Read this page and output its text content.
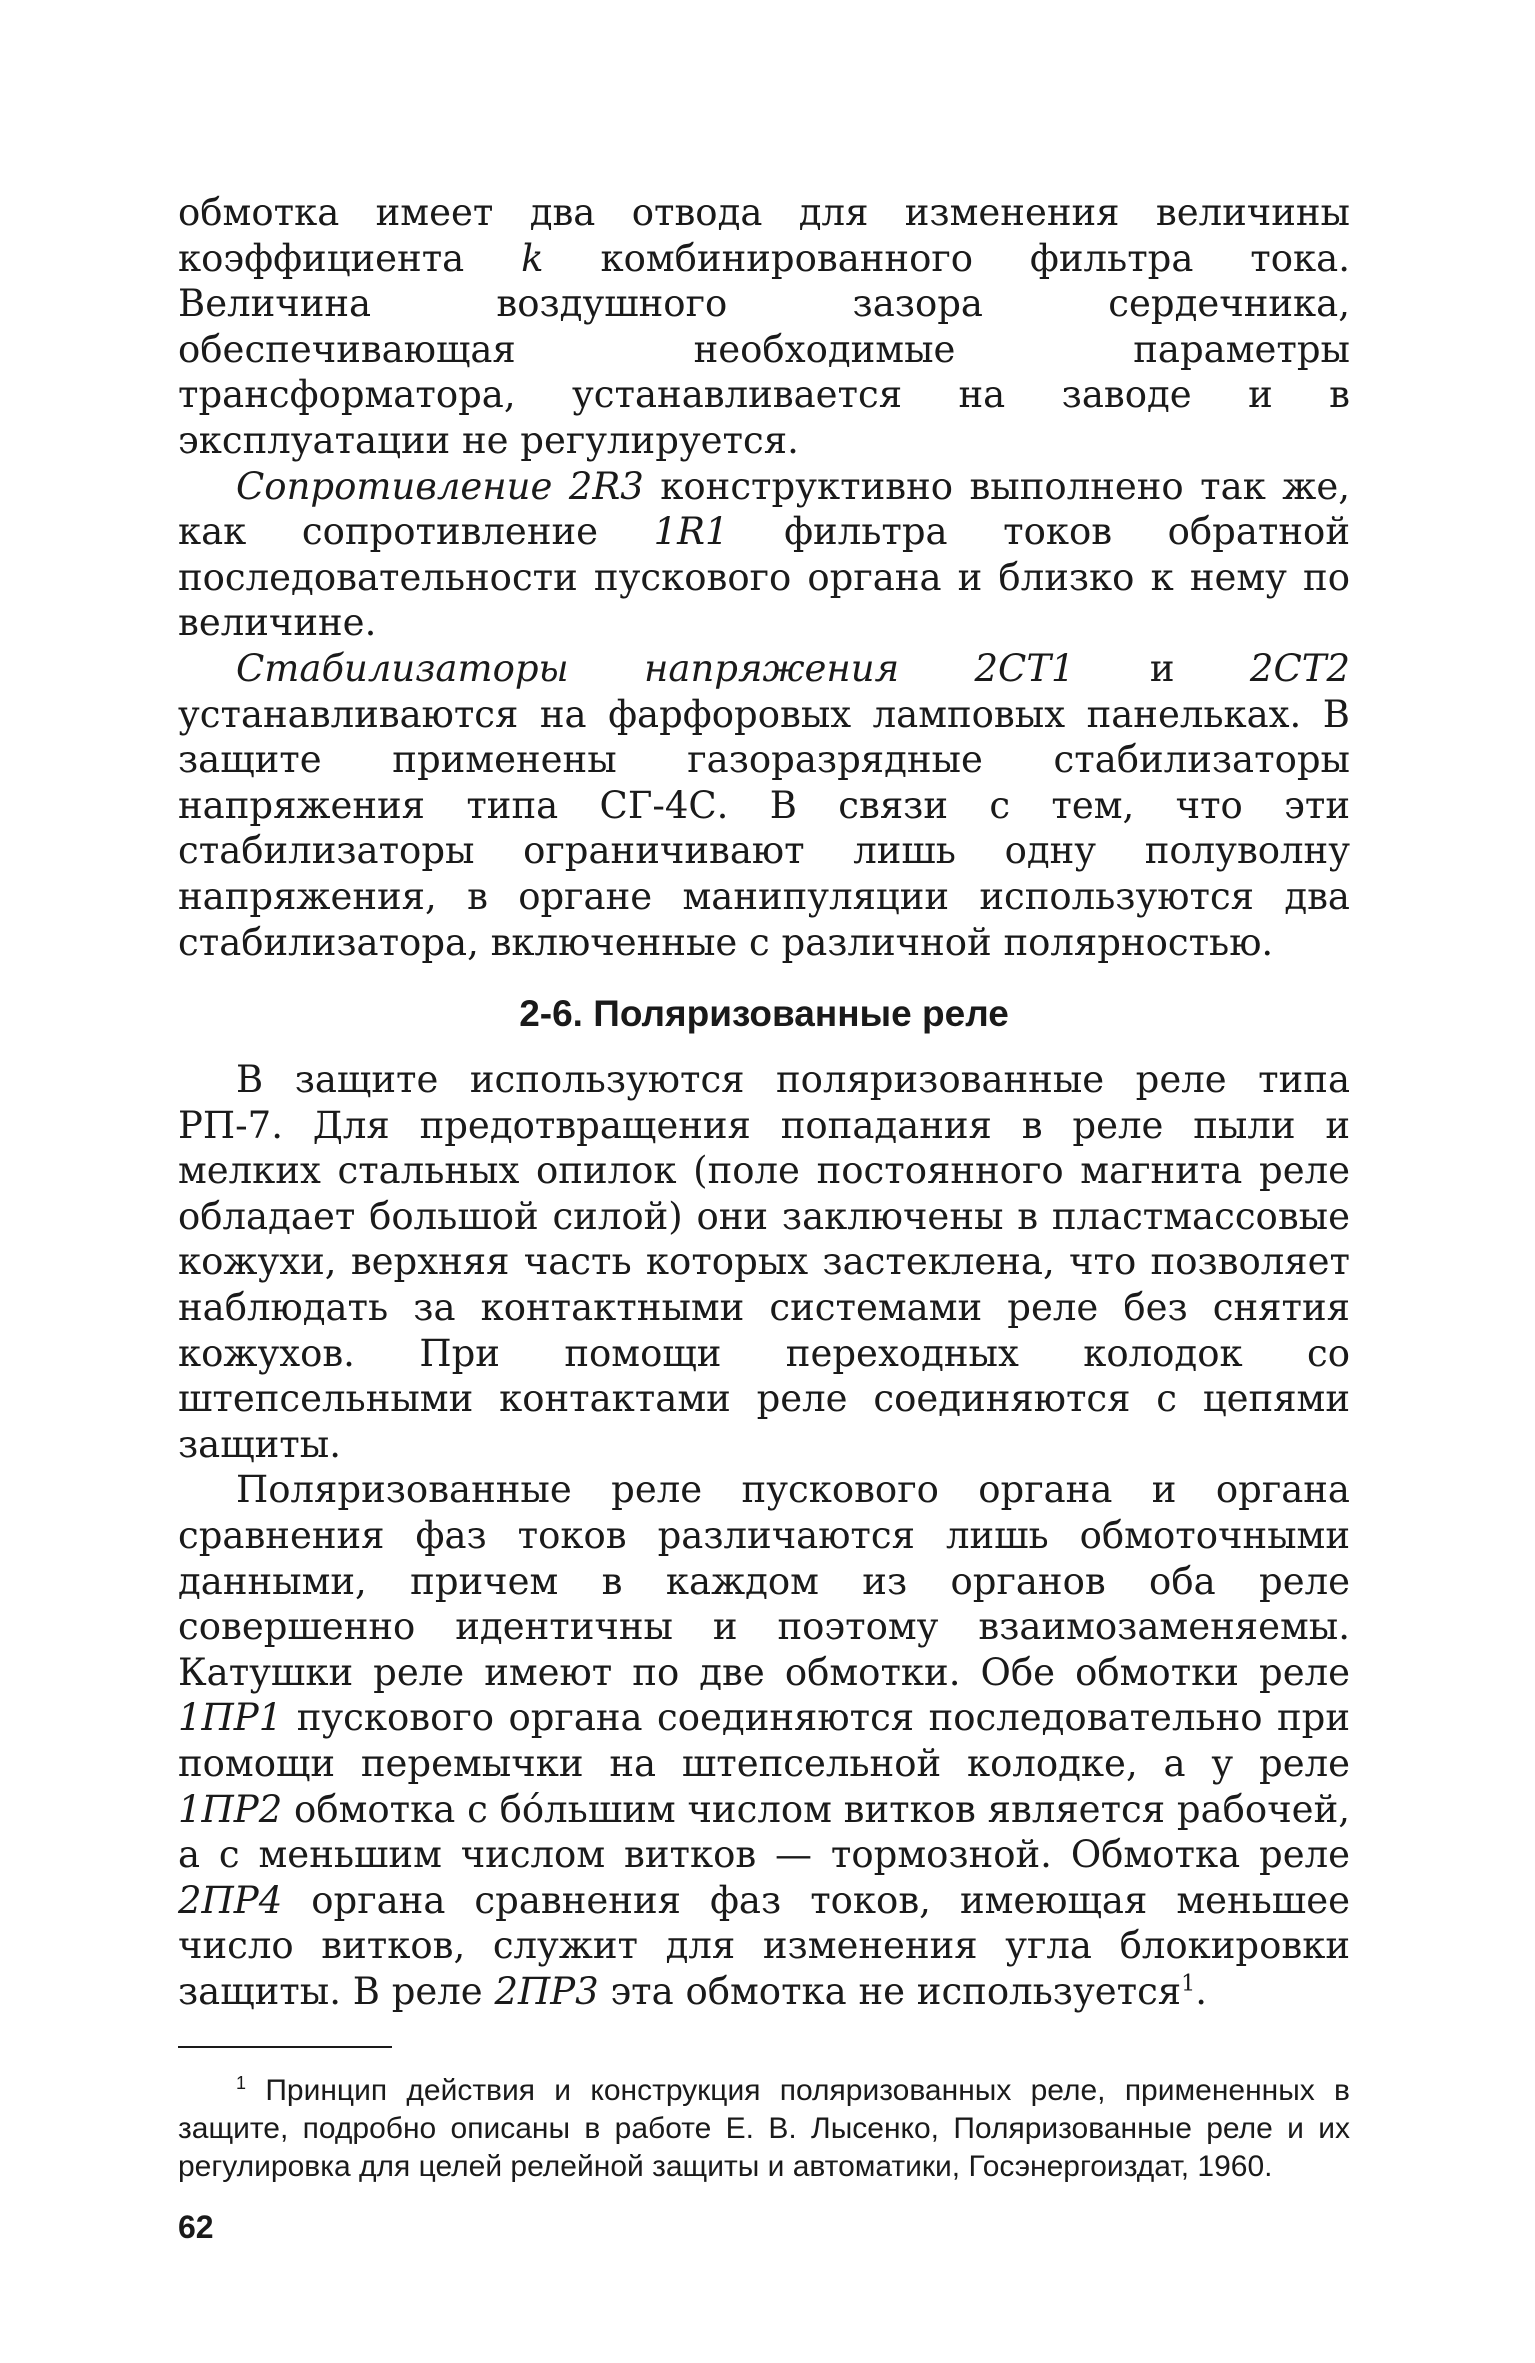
обмотка имеет два отвода для изменения величины коэффициента k комбинированного фильтра тока. Величина воздушного зазора сердечника, обеспечивающая необходимые параметры трансформатора, устанавливается на заводе и в эксплуатации не регулируется.

Сопротивление 2R3 конструктивно выполнено так же, как сопротивление 1R1 фильтра токов обратной последовательности пускового органа и близко к нему по величине.

Стабилизаторы напряжения 2СТ1 и 2СТ2 устанавливаются на фарфоровых ламповых панельках. В защите применены газоразрядные стабилизаторы напряжения типа СГ-4С. В связи с тем, что эти стабилизаторы ограничивают лишь одну полуволну напряжения, в органе манипуляции используются два стабилизатора, включенные с различной полярностью.

2-6. Поляризованные реле

В защите используются поляризованные реле типа РП-7. Для предотвращения попадания в реле пыли и мелких стальных опилок (поле постоянного магнита реле обладает большой силой) они заключены в пластмассовые кожухи, верхняя часть которых застеклена, что позволяет наблюдать за контактными системами реле без снятия кожухов. При помощи переходных колодок со штепсельными контактами реле соединяются с цепями защиты.

Поляризованные реле пускового органа и органа сравнения фаз токов различаются лишь обмоточными данными, причем в каждом из органов оба реле совершенно идентичны и поэтому взаимозаменяемы. Катушки реле имеют по две обмотки. Обе обмотки реле 1ПР1 пускового органа соединяются последовательно при помощи перемычки на штепсельной колодке, а у реле 1ПР2 обмотка с бо́льшим числом витков является рабочей, а с меньшим числом витков — тормозной. Обмотка реле 2ПР4 органа сравнения фаз токов, имеющая меньшее число витков, служит для изменения угла блокировки защиты. В реле 2ПР3 эта обмотка не используется$^1$.

$^1$ Принцип действия и конструкция поляризованных реле, примененных в защите, подробно описаны в работе Е. В. Лысенко, Поляризованные реле и их регулировка для целей релейной защиты и автоматики, Госэнергоиздат, 1960.

62
